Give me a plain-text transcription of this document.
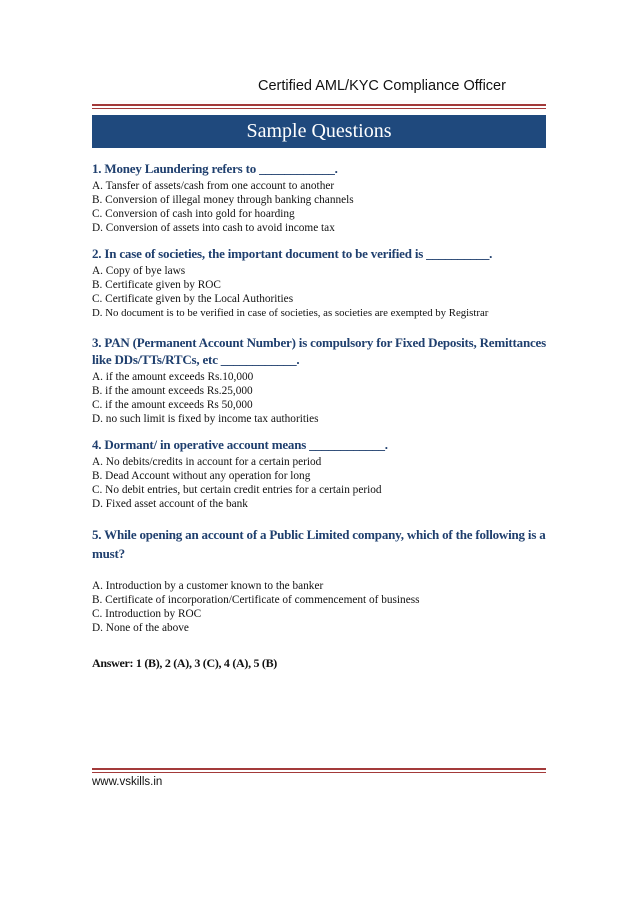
Certified AML/KYC Compliance Officer
Sample Questions
1. Money Laundering refers to ____________.
A. Tansfer of assets/cash from one account to another
B. Conversion of illegal money through banking channels
C. Conversion of cash into gold for hoarding
D. Conversion of assets into cash to avoid income tax
2. In case of societies, the important document to be verified is __________.
A. Copy of bye laws
B. Certificate given by ROC
C. Certificate given by the Local Authorities
D. No document is to be verified in case of societies, as societies are exempted by Registrar
3. PAN (Permanent Account Number) is compulsory for Fixed Deposits, Remittances like DDs/TTs/RTCs, etc ____________.
A. if the amount exceeds Rs.10,000
B. if the amount exceeds Rs.25,000
C. if the amount exceeds Rs 50,000
D. no such limit is fixed by income tax authorities
4. Dormant/ in operative account means ____________.
A. No debits/credits in account for a certain period
B. Dead Account without any operation for long
C. No debit entries, but certain credit entries for a certain period
D. Fixed asset account of the bank
5. While opening an account of a Public Limited company, which of the following is a must?
A. Introduction by a customer known to the banker
B. Certificate of incorporation/Certificate of commencement of business
C. Introduction by ROC
D. None of the above
Answer: 1 (B), 2 (A), 3 (C), 4 (A), 5 (B)
www.vskills.in
